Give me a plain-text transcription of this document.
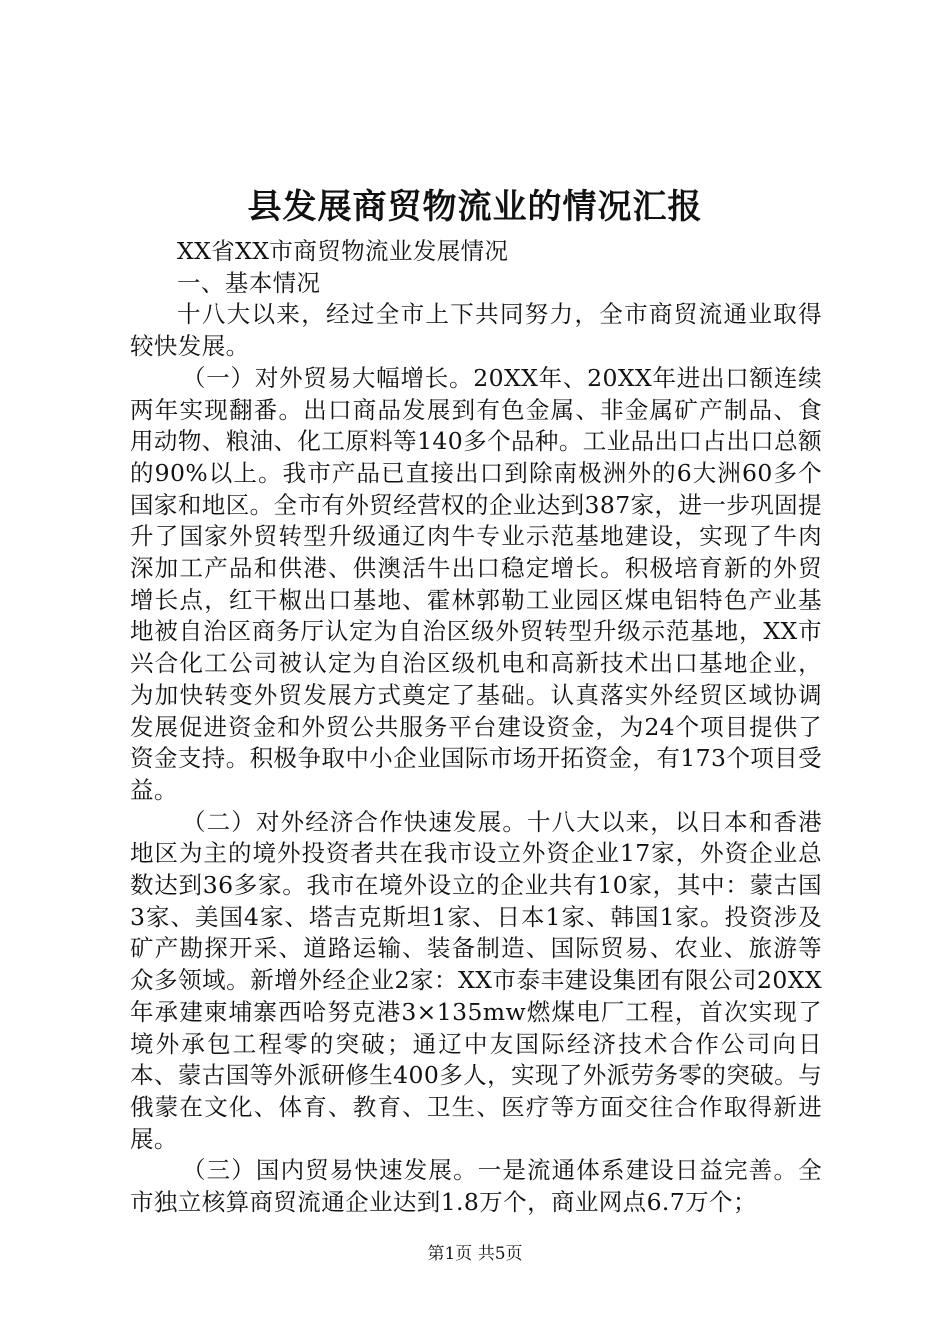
县发展商贸物流业的情况汇报

XX省XX市商贸物流业发展情况

一、基本情况

十八大以来，经过全市上下共同努力，全市商贸流通业取得较快发展。

（一）对外贸易大幅增长。20XX年、20XX年进出口额连续两年实现翻番。出口商品发展到有色金属、非金属矿产制品、食用动物、粮油、化工原料等140多个品种。工业品出口占出口总额的90%以上。我市产品已直接出口到除南极洲外的6大洲60多个国家和地区。全市有外贸经营权的企业达到387家，进一步巩固提升了国家外贸转型升级通辽肉牛专业示范基地建设，实现了牛肉深加工产品和供港、供澳活牛出口稳定增长。积极培育新的外贸增长点，红干椒出口基地、霍林郭勒工业园区煤电铝特色产业基地被自治区商务厅认定为自治区级外贸转型升级示范基地，XX市兴合化工公司被认定为自治区级机电和高新技术出口基地企业，为加快转变外贸发展方式奠定了基础。认真落实外经贸区域协调发展促进资金和外贸公共服务平台建设资金，为24个项目提供了资金支持。积极争取中小企业国际市场开拓资金，有173个项目受益。

（二）对外经济合作快速发展。十八大以来，以日本和香港地区为主的境外投资者共在我市设立外资企业17家，外资企业总数达到36多家。我市在境外设立的企业共有10家，其中：蒙古国3家、美国4家、塔吉克斯坦1家、日本1家、韩国1家。投资涉及矿产勘探开采、道路运输、装备制造、国际贸易、农业、旅游等众多领域。新增外经企业2家：XX市泰丰建设集团有限公司20XX年承建柬埔寨西哈努克港3×135mw燃煤电厂工程，首次实现了境外承包工程零的突破；通辽中友国际经济技术合作公司向日本、蒙古国等外派研修生400多人，实现了外派劳务零的突破。与俄蒙在文化、体育、教育、卫生、医疗等方面交往合作取得新进展。

（三）国内贸易快速发展。一是流通体系建设日益完善。全市独立核算商贸流通企业达到1.8万个，商业网点6.7万个；

第1页 共5页
